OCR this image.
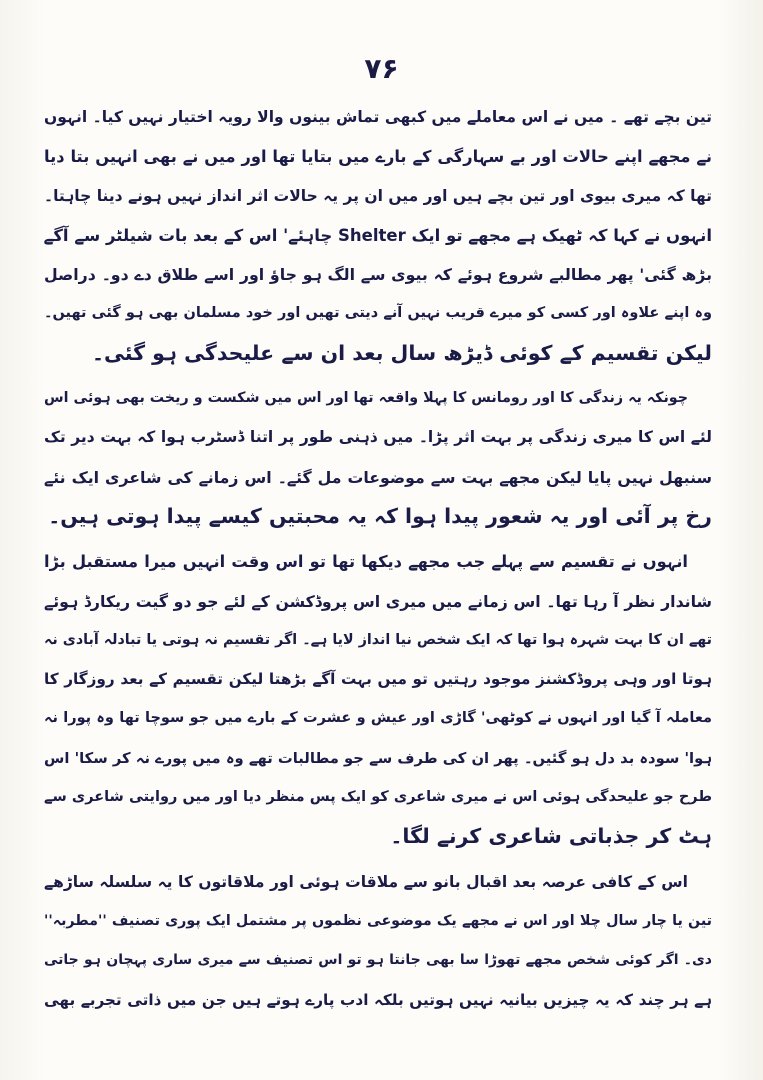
۷۶
تین بچے تھے ۔ میں نے اس معاملے میں کبھی تماش بینوں والا رویہ اختیار نہیں کیا۔ انہوں
نے مجھے اپنے حالات اور بے سہارگی کے بارے میں بتایا تھا اور میں نے بھی انہیں بتا دیا
تھا کہ میری بیوی اور تین بچے ہیں اور میں ان پر یہ حالات اثر انداز نہیں ہونے دینا چاہتا۔
انہوں نے کہا کہ ٹھیک ہے مجھے تو ایک Shelter چاہئے' اس کے بعد بات شیلٹر سے آگے
بڑھ گئی' پھر مطالبے شروع ہوئے کہ بیوی سے الگ ہو جاؤ اور اسے طلاق دے دو۔ دراصل
وہ اپنے علاوہ اور کسی کو میرے قریب نہیں آنے دیتی تھیں اور خود مسلمان بھی ہو گئی تھیں۔
لیکن تقسیم کے کوئی ڈیڑھ سال بعد ان سے علیحدگی ہو گئی۔
چونکہ یہ زندگی کا اور رومانس کا پہلا واقعہ تھا اور اس میں شکست و ریخت بھی ہوئی اس
لئے اس کا میری زندگی پر بہت اثر پڑا۔ میں ذہنی طور پر اتنا ڈسٹرب ہوا کہ بہت دیر تک
سنبھل نہیں پایا لیکن مجھے بہت سے موضوعات مل گئے۔ اس زمانے کی شاعری ایک نئے
رخ پر آئی اور یہ شعور پیدا ہوا کہ یہ محبتیں کیسے پیدا ہوتی ہیں۔
انہوں نے تقسیم سے پہلے جب مجھے دیکھا تھا تو اس وقت انہیں میرا مستقبل بڑا
شاندار نظر آ رہا تھا۔ اس زمانے میں میری اس پروڈکشن کے لئے جو دو گیت ریکارڈ ہوئے
تھے ان کا بہت شہرہ ہوا تھا کہ ایک شخص نیا انداز لایا ہے۔ اگر تقسیم نہ ہوتی یا تبادلہ آبادی نہ
ہوتا اور وہی پروڈکشنز موجود رہتیں تو میں بہت آگے بڑھتا لیکن تقسیم کے بعد روزگار کا
معاملہ آ گیا اور انہوں نے کوٹھی' گاڑی اور عیش و عشرت کے بارے میں جو سوچا تھا وہ پورا نہ
ہوا' سودہ بد دل ہو گئیں۔ پھر ان کی طرف سے جو مطالبات تھے وہ میں پورے نہ کر سکا' اس
طرح جو علیحدگی ہوئی اس نے میری شاعری کو ایک پس منظر دیا اور میں روایتی شاعری سے
ہٹ کر جذباتی شاعری کرنے لگا۔
اس کے کافی عرصہ بعد اقبال بانو سے ملاقات ہوئی اور ملاقاتوں کا یہ سلسلہ ساڑھے
تین یا چار سال چلا اور اس نے مجھے یک موضوعی نظموں پر مشتمل ایک پوری تصنیف ''مطربہ''
دی۔ اگر کوئی شخص مجھے تھوڑا سا بھی جانتا ہو تو اس تصنیف سے میری ساری پہچان ہو جاتی
ہے ہر چند کہ یہ چیزیں بیانیہ نہیں ہوتیں بلکہ ادب پارے ہوتے ہیں جن میں ذاتی تجربے بھی
